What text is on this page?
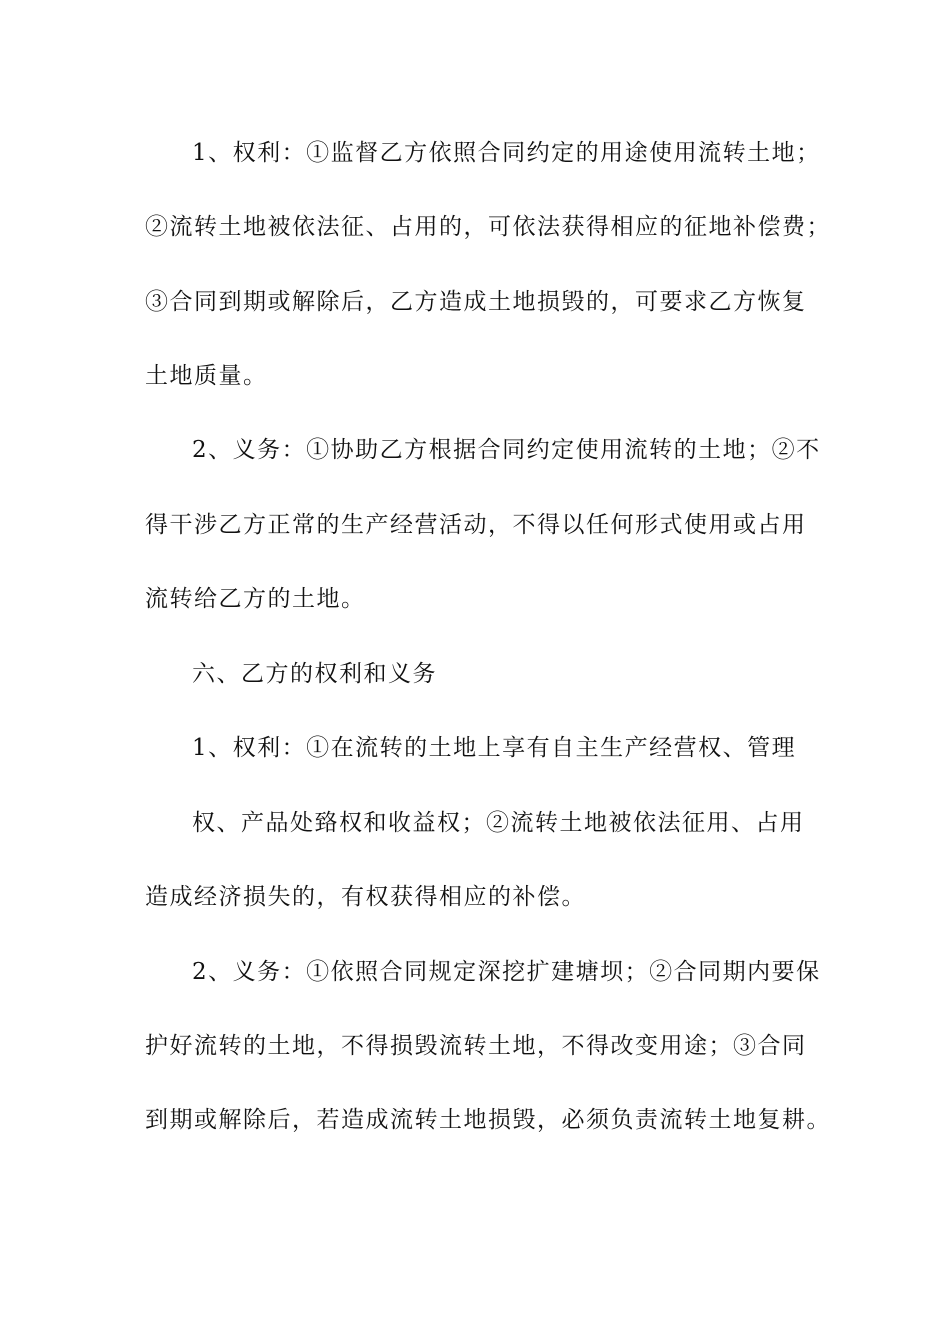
1、权利：①监督乙方依照合同约定的用途使用流转土地；
②流转土地被依法征、占用的，可依法获得相应的征地补偿费；
③合同到期或解除后，乙方造成土地损毁的，可要求乙方恢复
土地质量。
2、义务：①协助乙方根据合同约定使用流转的土地；②不
得干涉乙方正常的生产经营活动，不得以任何形式使用或占用
流转给乙方的土地。
六、乙方的权利和义务
1、权利：①在流转的土地上享有自主生产经营权、管理
权、产品处臵权和收益权；②流转土地被依法征用、占用
造成经济损失的，有权获得相应的补偿。
2、义务：①依照合同规定深挖扩建塘坝；②合同期内要保
护好流转的土地，不得损毁流转土地，不得改变用途；③合同
到期或解除后，若造成流转土地损毁，必须负责流转土地复耕。
